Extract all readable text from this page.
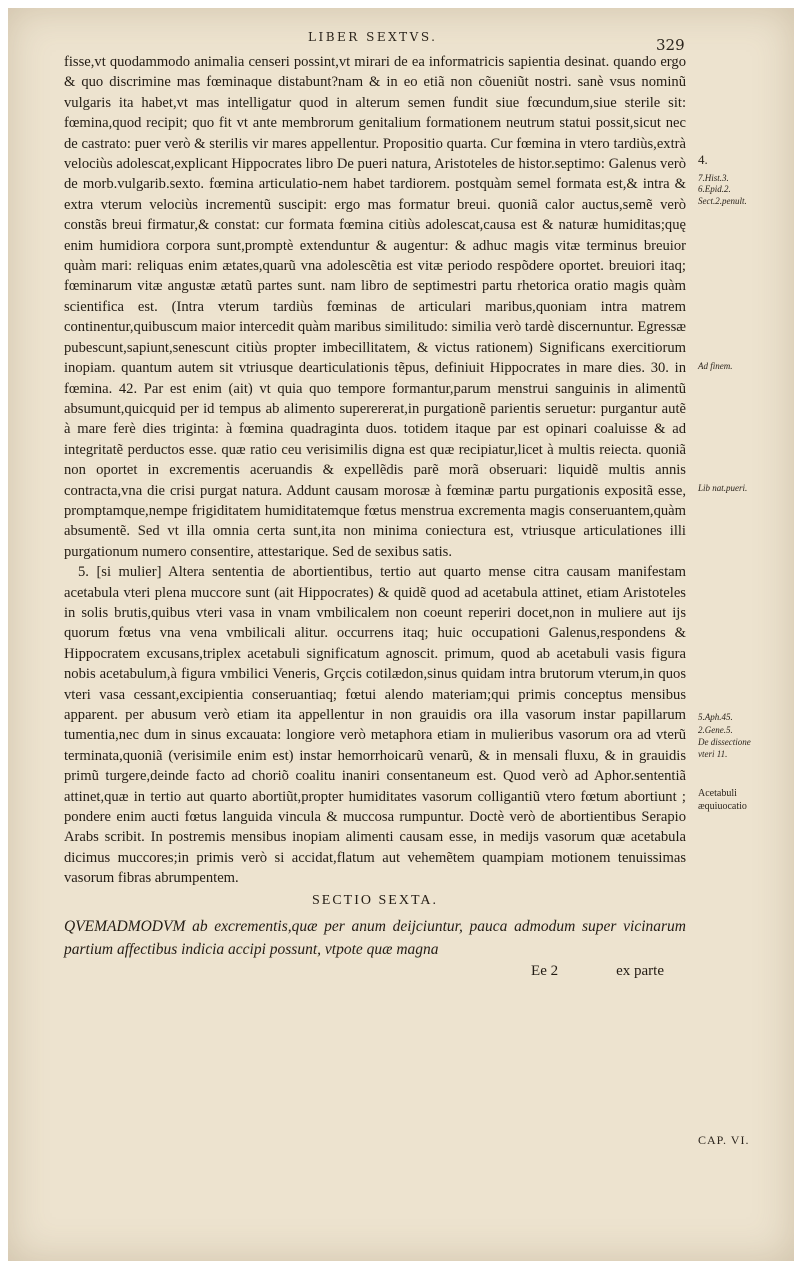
LIBER SEXTVS.	329

fisse,vt quodammodo animalia censeri possint,vt mirari de ea informatricis sapientia desinat. quando ergo & quo discrimine mas fœminaque distabunt?nam & in eo etiã non cõueniũt nostri. sanè vsus nominũ vulgaris ita habet,vt mas intelligatur quod in alterum semen fundit siue fœcundum,siue sterile sit: fœmina,quod recipit; quo fit vt ante membrorum genitalium formationem neutrum statui possit,sicut nec de castrato: puer verò & sterilis vir mares appellentur. Propositio quarta. Cur fœmina in vtero tardiùs,extrà velociùs adolescat,explicant Hippocrates libro De pueri natura, Aristoteles de histor.septimo: Galenus verò de morb.vulgarib.sexto. fœmina articulatio-nem habet tardiorem. postquàm semel formata est,& intra & extra vterum velociùs incrementũ suscipit: ergo mas formatur breui. quoniã calor auctus,semẽ verò constãs breui firmatur,& constat: cur formata fœmina citiùs adolescat,causa est & naturæ humiditas;quę enim humidiora corpora sunt,promptè extenduntur & augentur: & adhuc magis vitæ terminus breuior quàm mari: reliquas enim ætates,quarũ vna adolescẽtia est vitæ periodo respõdere oportet. breuiori itaq; fœminarum vitæ angustæ ætatũ partes sunt. nam libro de septimestri partu rhetorica oratio magis quàm scientifica est. (Intra vterum tardiùs fœminas de articulari maribus,quoniam intra matrem continentur,quibuscum maior intercedit quàm maribus similitudo: similia verò tardè discernuntur. Egressæ pubescunt,sapiunt,senescunt citiùs propter imbecillitatem, & victus rationem) Significans exercitiorum inopiam. quantum autem sit vtriusque dearticulationis tẽpus, definiuit Hippocrates in mare dies. 30. in fœmina. 42. Par est enim (ait) vt quia quo tempore formantur,parum menstrui sanguinis in alimentũ absumunt,quicquid per id tempus ab alimento superererat,in purgationẽ parientis seruetur: purgantur autẽ à mare ferè dies triginta: à fœmina quadraginta duos. totidem itaque par est opinari coaluisse & ad integritatẽ perductos esse. quæ ratio ceu verisimilis digna est quæ recipiatur,licet à multis reiecta. quoniã non oportet in excrementis aceruandis & expellẽdis parẽ morã obseruari: liquidẽ multis annis contracta,vna die crisi purgat natura. Addunt causam morosæ à fœminæ partu purgationis expositã esse, promptamque,nempe frigiditatem humiditatemque fœtus menstrua excrementa magis conseruantem,quàm absumentẽ. Sed vt illa omnia certa sunt,ita non minima coniectura est, vtriusque articulationes illi purgationum numero consentire, attestarique. Sed de sexibus satis.

5. [si mulier] Altera sententia de abortientibus, tertio aut quarto mense citra causam manifestam acetabula vteri plena muccore sunt (ait Hippocrates) & quidẽ quod ad acetabula attinet, etiam Aristoteles in solis brutis,quibus vteri vasa in vnam vmbilicalem non coeunt reperiri docet,non in muliere aut ijs quorum fœtus vna vena vmbilicali alitur. occurrens itaq; huic occupationi Galenus,respondens & Hippocratem excusans,triplex acetabuli significatum agnoscit. primum, quod ab acetabuli vasis figura nobis acetabulum,à figura vmbilici Veneris, Grçcis cotilædon,sinus quidam intra brutorum vterum,in quos vteri vasa cessant,excipientia conseruantiaq; fœtui alendo materiam;qui primis conceptus mensibus apparent. per abusum verò etiam ita appellentur in non grauidis ora illa vasorum instar papillarum tumentia,nec dum in sinus excauata: longiore verò metaphora etiam in mulieribus vasorum ora ad vterũ terminata,quoniã (verisimile enim est) instar hemorrhoicarũ venarũ, & in mensali fluxu, & in grauidis primũ turgere,deinde facto ad choriõ coalitu inaniri consentaneum est. Quod verò ad Aphor.sententiã attinet,quæ in tertio aut quarto abortiũt,propter humiditates vasorum colligantiũ vtero fœtum abortiunt ; pondere enim aucti fœtus languida vincula & muccosa rumpuntur. Doctè verò de abortientibus Serapio Arabs scribit. In postremis mensibus inopiam alimenti causam esse, in medijs vasorum quæ acetabula dicimus muccores;in primis verò si accidat,flatum aut vehemẽtem quampiam motionem tenuissimas vasorum fibras abrumpentem.

SECTIO SEXTA.

QVEMADMODVM ab excrementis,quæ per anum deijciuntur, pauca admodum super vicinarum partium affectibus indicia accipi possunt, vtpote quæ magna

Ee 2	ex parte
4.
7.Hist.3.
6.Epid.2.
Sect.2.penult.
Ad finem.
Lib nat.pueri.
5.Aph.45.
2.Gene.5.
De dissectione
vteri 11.
Acetabuli
æquiuocatio
CAP. VI.
